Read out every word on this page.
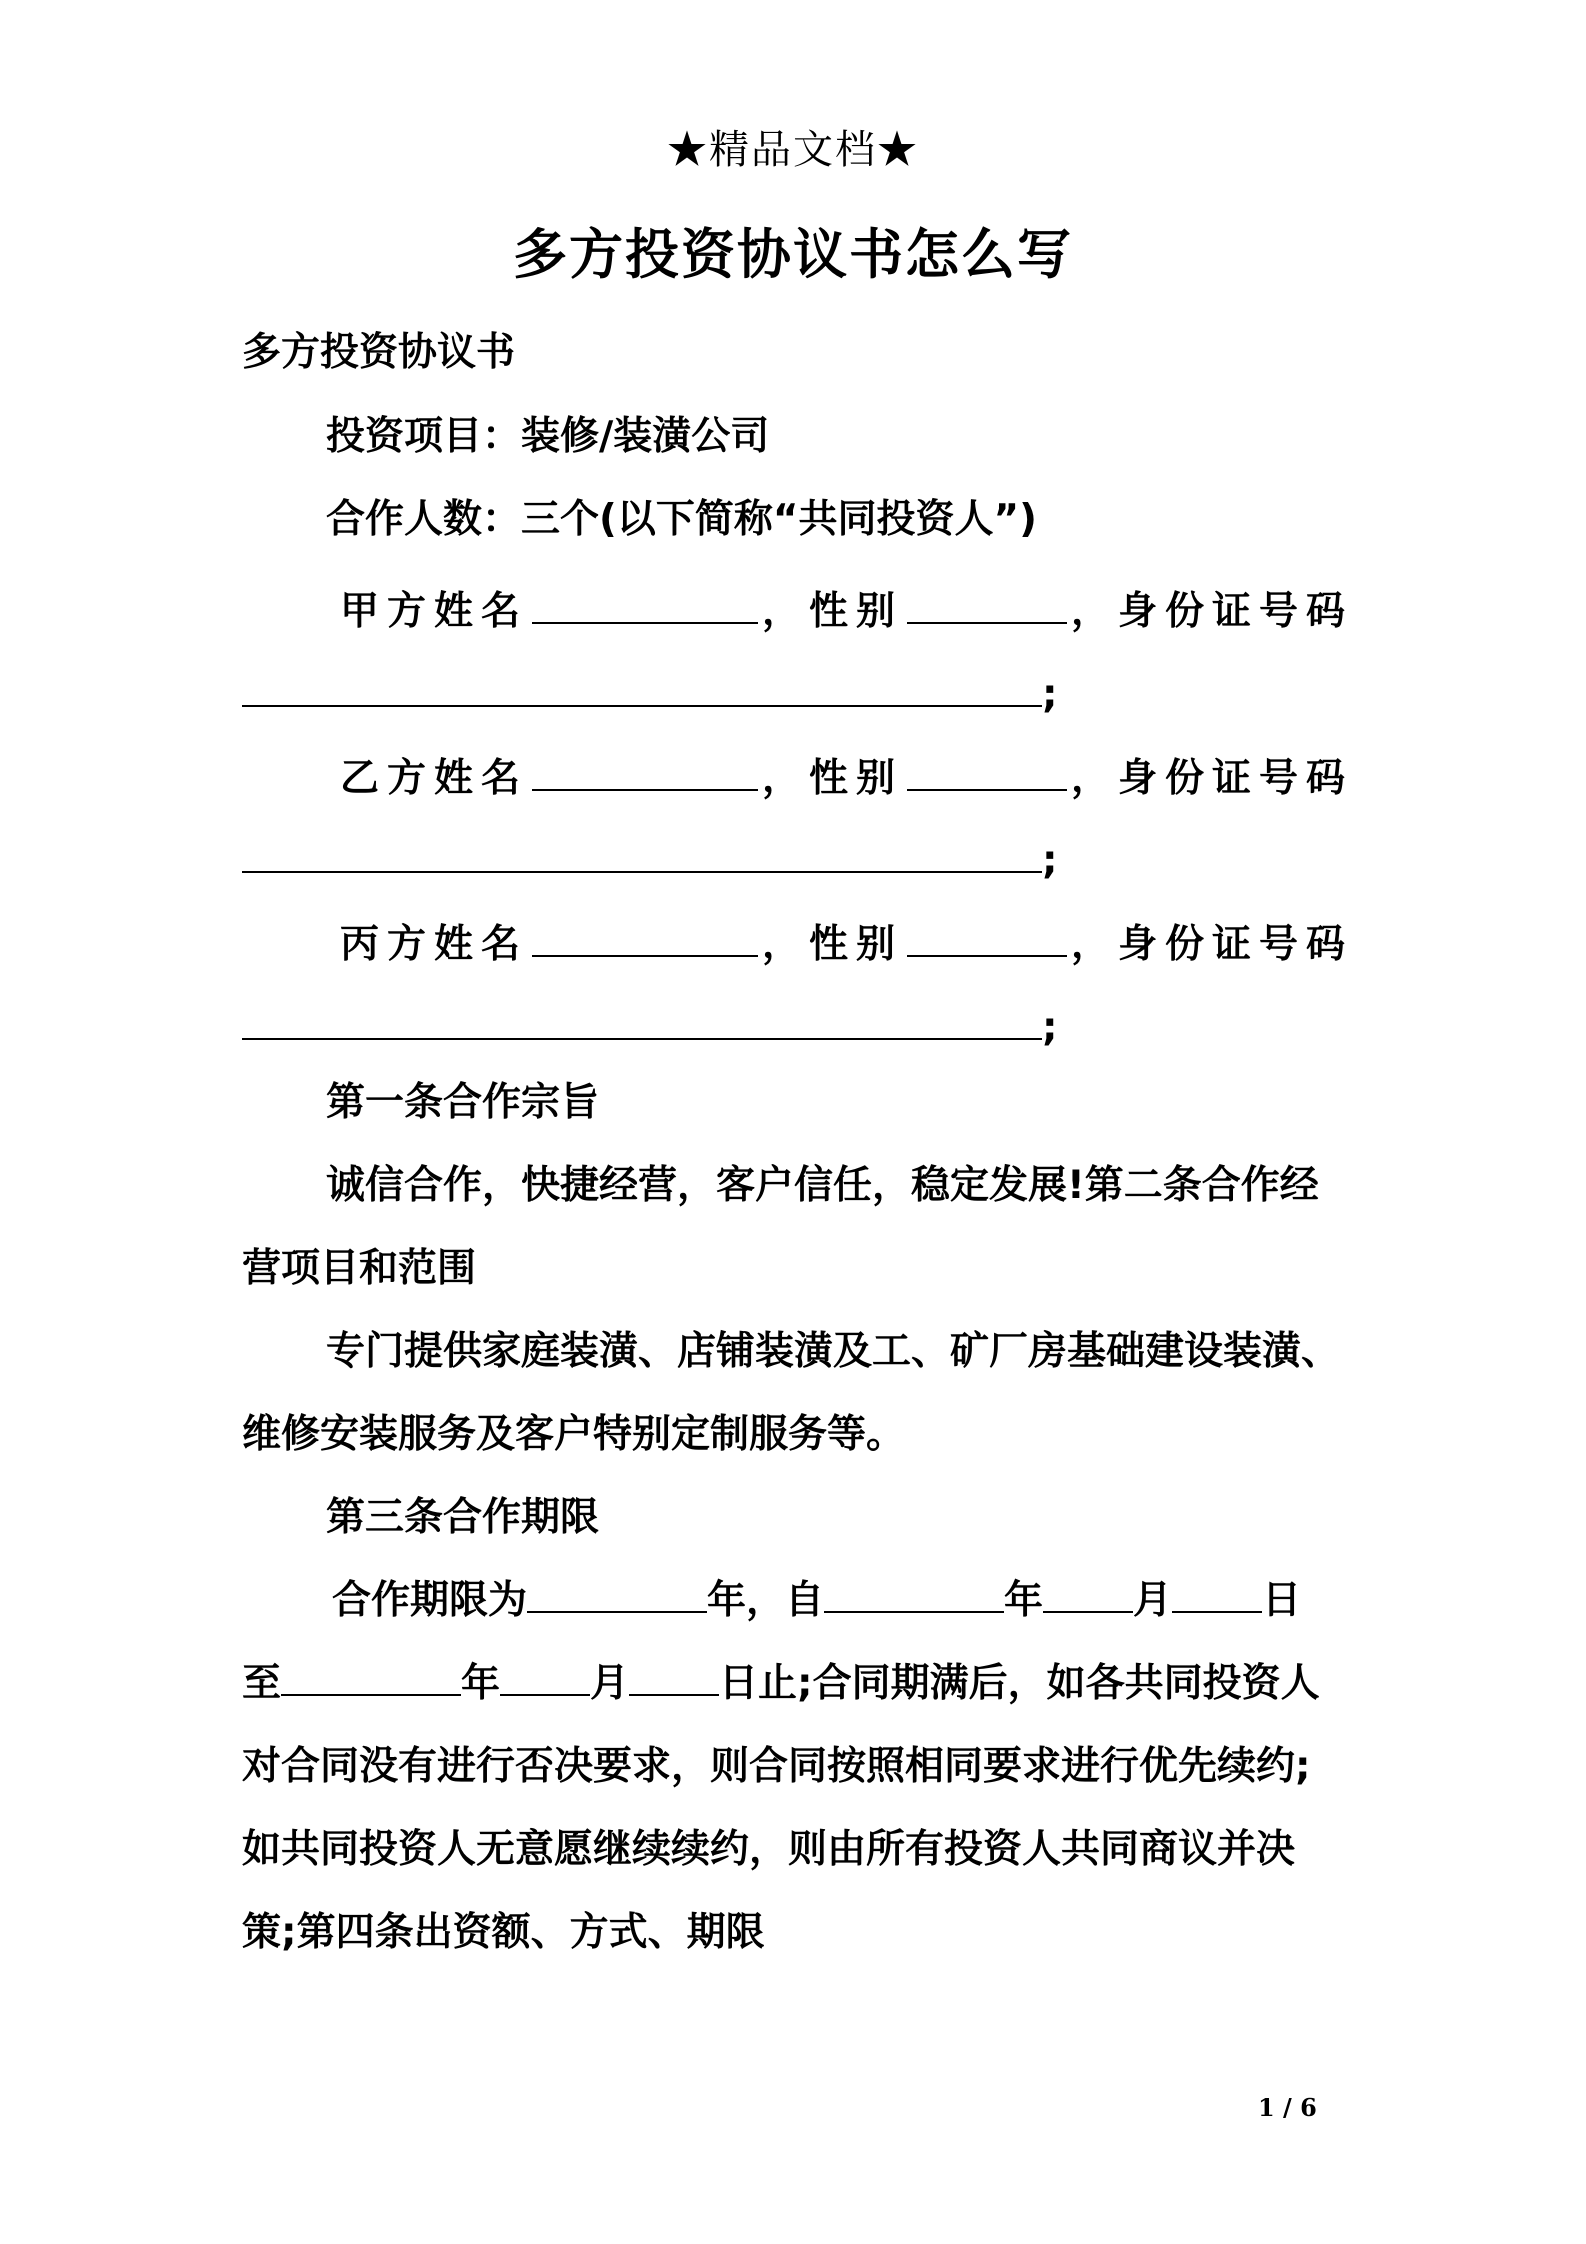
★精品文档★
多方投资协议书怎么写
多方投资协议书
投资项目：装修/装潢公司
合作人数：三个(以下简称“共同投资人”)
甲方姓名	，性别	，身份证号码
;
乙方姓名	，性别	，身份证号码
;
丙方姓名	，性别	，身份证号码
;
第一条合作宗旨
诚信合作，快捷经营，客户信任，稳定发展!第二条合作经
营项目和范围
专门提供家庭装潢、店铺装潢及工、矿厂房基础建设装潢、
维修安装服务及客户特别定制服务等。
第三条合作期限
合作期限为	年，自	年 月 日
至	年 月 日止;合同期满后，如各共同投资人
对合同没有进行否决要求，则合同按照相同要求进行优先续约;
如共同投资人无意愿继续续约，则由所有投资人共同商议并决
策;第四条出资额、方式、期限
1 / 6
